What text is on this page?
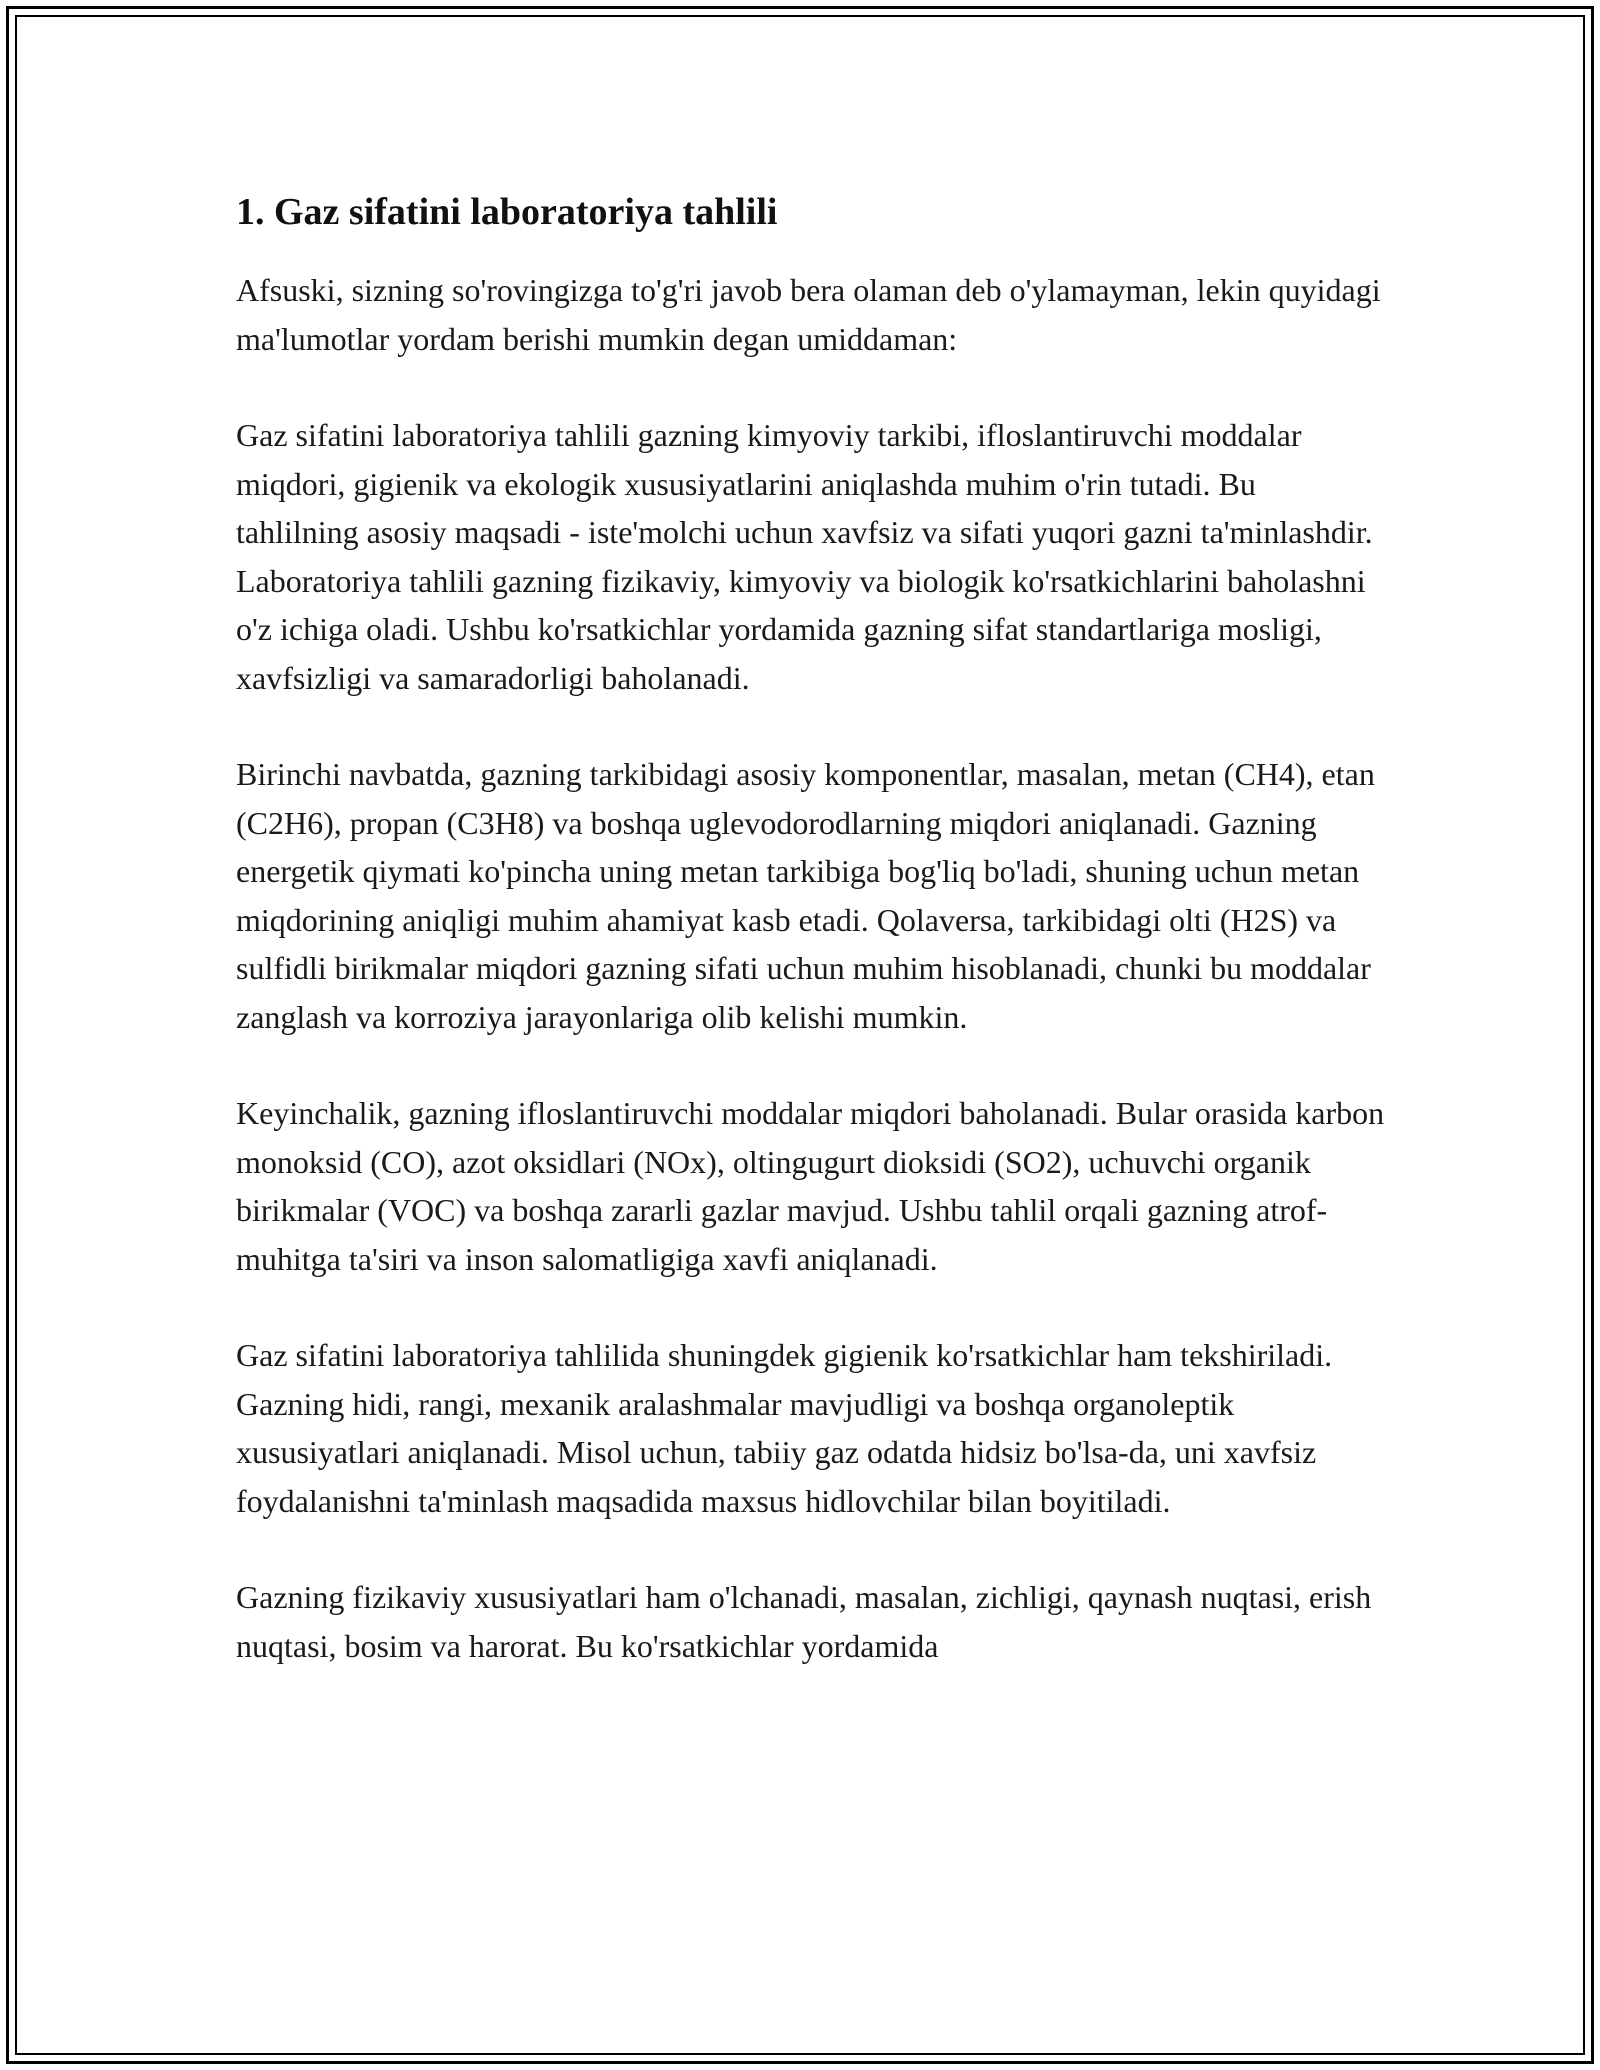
1. Gaz sifatini laboratoriya tahlili

Afsuski, sizning so'rovingizga to'g'ri javob bera olaman deb o'ylamayman, lekin quyidagi ma'lumotlar yordam berishi mumkin degan umiddaman:

Gaz sifatini laboratoriya tahlili gazning kimyoviy tarkibi, ifloslantiruvchi moddalar miqdori, gigienik va ekologik xususiyatlarini aniqlashda muhim o'rin tutadi. Bu tahlilning asosiy maqsadi - iste'molchi uchun xavfsiz va sifati yuqori gazni ta'minlashdir. Laboratoriya tahlili gazning fizikaviy, kimyoviy va biologik ko'rsatkichlarini baholashni o'z ichiga oladi. Ushbu ko'rsatkichlar yordamida gazning sifat standartlariga mosligi, xavfsizligi va samaradorligi baholanadi.

Birinchi navbatda, gazning tarkibidagi asosiy komponentlar, masalan, metan (CH4), etan (C2H6), propan (C3H8) va boshqa uglevodorodlarning miqdori aniqlanadi. Gazning energetik qiymati ko'pincha uning metan tarkibiga bog'liq bo'ladi, shuning uchun metan miqdorining aniqligi muhim ahamiyat kasb etadi. Qolaversa, tarkibidagi olti (H2S) va sulfidli birikmalar miqdori gazning sifati uchun muhim hisoblanadi, chunki bu moddalar zanglash va korroziya jarayonlariga olib kelishi mumkin.

Keyinchalik, gazning ifloslantiruvchi moddalar miqdori baholanadi. Bular orasida karbon monoksid (CO), azot oksidlari (NOx), oltingugurt dioksidi (SO2), uchuvchi organik birikmalar (VOC) va boshqa zararli gazlar mavjud. Ushbu tahlil orqali gazning atrof-muhitga ta'siri va inson salomatligiga xavfi aniqlanadi.

Gaz sifatini laboratoriya tahlilida shuningdek gigienik ko'rsatkichlar ham tekshiriladi. Gazning hidi, rangi, mexanik aralashmalar mavjudligi va boshqa organoleptik xususiyatlari aniqlanadi. Misol uchun, tabiiy gaz odatda hidsiz bo'lsa-da, uni xavfsiz foydalanishni ta'minlash maqsadida maxsus hidlovchilar bilan boyitiladi.

Gazning fizikaviy xususiyatlari ham o'lchanadi, masalan, zichligi, qaynash nuqtasi, erish nuqtasi, bosim va harorat. Bu ko'rsatkichlar yordamida
